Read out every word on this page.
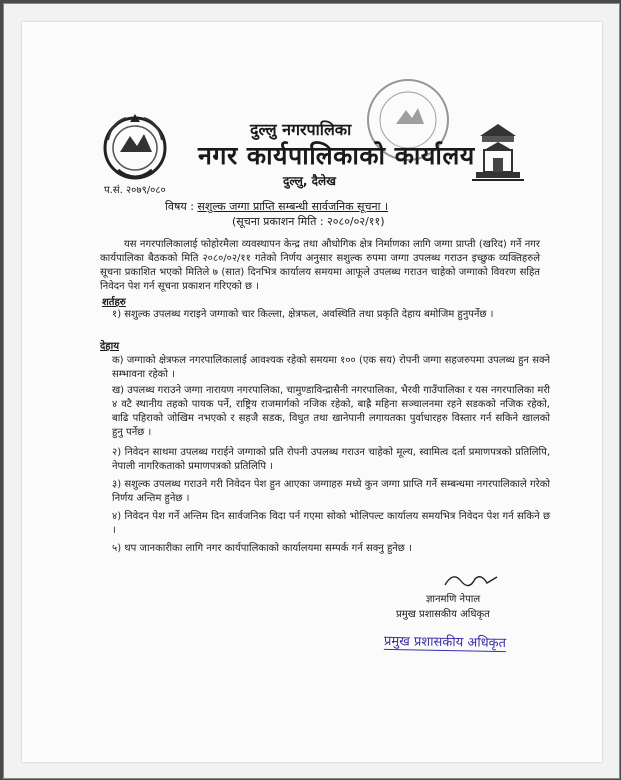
दुल्लु नगरपालिका
नगर कार्यपालिकाको कार्यालय
दुल्लु, दैलेख
प.सं. २०७९/०८०
विषय : सशुल्क जग्गा प्राप्ति सम्बन्धी सार्वजनिक सूचना ।
(सूचना प्रकाशन मिति : २०८०/०२/११)
यस नगरपालिकालाई फोहोरमैला व्यवस्थापन केन्द्र तथा औधोगिक क्षेत्र निर्माणका लागि जग्गा प्राप्ती (खरिद) गर्ने नगर कार्यपालिका बैठकको मिति २०८०/०२/११ गतेको निर्णय अनुसार सशुल्क रुपमा जग्गा उपलब्ध गराउन इच्छुक व्यक्तिहरुले सूचना प्रकाशित भएको मितिले ७ (सात) दिनभित्र कार्यालय समयमा आफूले उपलब्ध गराउन चाहेको जग्गाको विवरण सहित निवेदन पेश गर्न सूचना प्रकाशन गरिएको छ ।
शर्तहरु
१) सशुल्क उपलब्ध गराइने जग्गाको चार किल्ला, क्षेत्रफल, अवस्थिति तथा प्रकृति देहाय बमोजिम हुनुपर्नेछ ।
देहाय
क) जग्गाको क्षेत्रफल नगरपालिकालाई आवश्यक रहेको समयमा १०० (एक सय) रोपनी जग्गा सहजरुपमा उपलब्ध हुन सक्ने सम्भावना रहेको ।
ख) उपलब्ध गराउने जग्गा नारायण नगरपालिका, चामुण्डाविन्द्रासैनी नगरपालिका, भैरवी गाउँपालिका र यस नगरपालिका मरी ४ वटै स्थानीय तहको पायक पर्ने, राष्ट्रिय राजमार्गको नजिक रहेको, बाह्रै महिना सञ्चालनमा रहने सडकको नजिक रहेको, बाढि पहिराको जोखिम नभएको र सहजै सडक, विधुत तथा खानेपानी लगायतका पुर्वाधारहरु विस्तार गर्न सकिने खालको हुनु पर्नेछ ।
२) निवेदन साथमा उपलब्ध गराईने जग्गाको प्रति रोपनी उपलब्ध गराउन चाहेको मूल्य, स्वामित्व दर्ता प्रमाणपत्रको प्रतिलिपि, नेपाली नागरिकताको प्रमाणपत्रको प्रतिलिपि ।
३) सशुल्क उपलब्ध गराउने गरी निवेदन पेश हुन आएका जग्गाहरु मध्ये कुन जग्गा प्राप्ति गर्ने सम्बन्धमा नगरपालिकाले गरेको निर्णय अन्तिम हुनेछ ।
४) निवेदन पेश गर्ने अन्तिम दिन सार्वजनिक विदा पर्न गएमा सोको भोलिपल्ट कार्यालय समयभित्र निवेदन पेश गर्न सकिने छ ।
५) थप जानकारीका लागि नगर कार्यपालिकाको कार्यालयमा सम्पर्क गर्न सक्नु हुनेछ ।
ज्ञानमणि नेपाल
प्रमुख प्रशासकीय अधिकृत
प्रमुख प्रशासकीय अधिकृत
